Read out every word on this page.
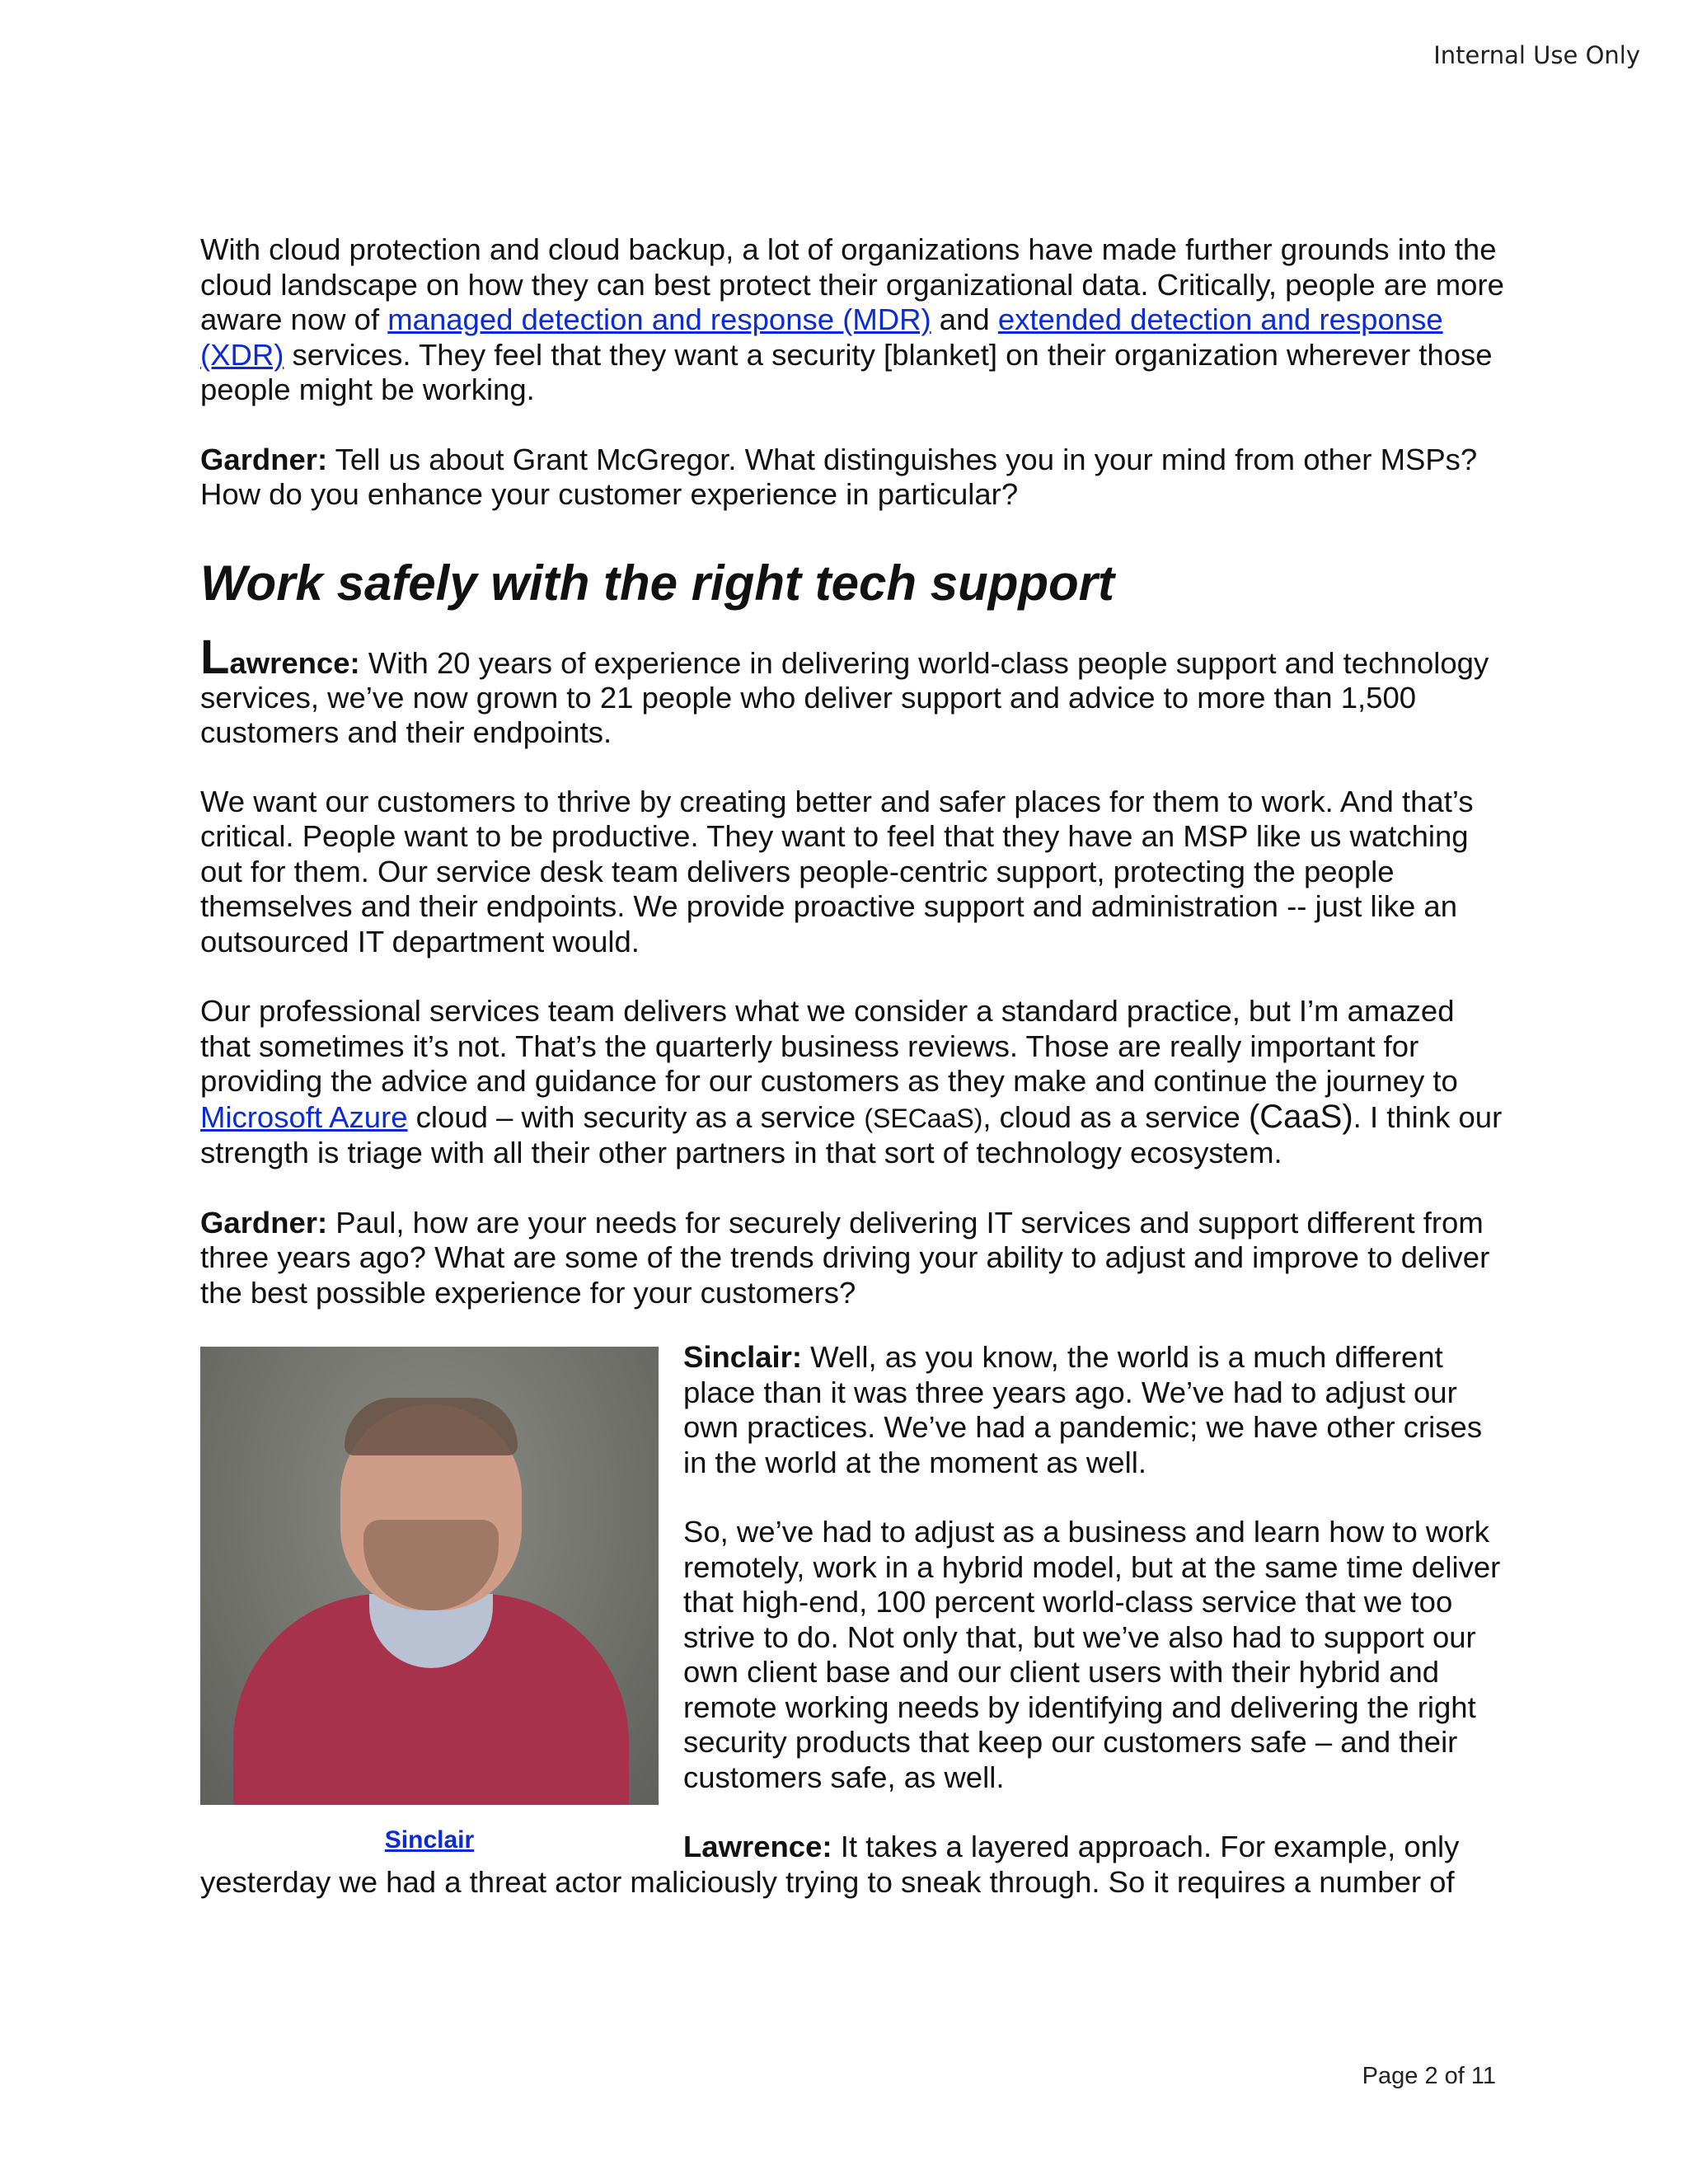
Internal Use Only

With cloud protection and cloud backup, a lot of organizations have made further grounds into the cloud landscape on how they can best protect their organizational data. Critically, people are more aware now of managed detection and response (MDR) and extended detection and response (XDR) services. They feel that they want a security [blanket] on their organization wherever those people might be working.

Gardner: Tell us about Grant McGregor. What distinguishes you in your mind from other MSPs? How do you enhance your customer experience in particular?

Work safely with the right tech support

Lawrence: With 20 years of experience in delivering world-class people support and technology services, we’ve now grown to 21 people who deliver support and advice to more than 1,500 customers and their endpoints.

We want our customers to thrive by creating better and safer places for them to work. And that’s critical. People want to be productive. They want to feel that they have an MSP like us watching out for them. Our service desk team delivers people-centric support, protecting the people themselves and their endpoints. We provide proactive support and administration -- just like an outsourced IT department would.

Our professional services team delivers what we consider a standard practice, but I’m amazed that sometimes it’s not. That’s the quarterly business reviews. Those are really important for providing the advice and guidance for our customers as they make and continue the journey to Microsoft Azure cloud – with security as a service (SECaaS), cloud as a service (CaaS). I think our strength is triage with all their other partners in that sort of technology ecosystem.

Gardner: Paul, how are your needs for securely delivering IT services and support different from three years ago? What are some of the trends driving your ability to adjust and improve to deliver the best possible experience for your customers?

Sinclair

Sinclair: Well, as you know, the world is a much different place than it was three years ago. We’ve had to adjust our own practices. We’ve had a pandemic; we have other crises in the world at the moment as well.

So, we’ve had to adjust as a business and learn how to work remotely, work in a hybrid model, but at the same time deliver that high-end, 100 percent world-class service that we too strive to do. Not only that, but we’ve also had to support our own client base and our client users with their hybrid and remote working needs by identifying and delivering the right security products that keep our customers safe – and their customers safe, as well.

Lawrence: It takes a layered approach. For example, only yesterday we had a threat actor maliciously trying to sneak through. So it requires a number of

Page 2 of 11
